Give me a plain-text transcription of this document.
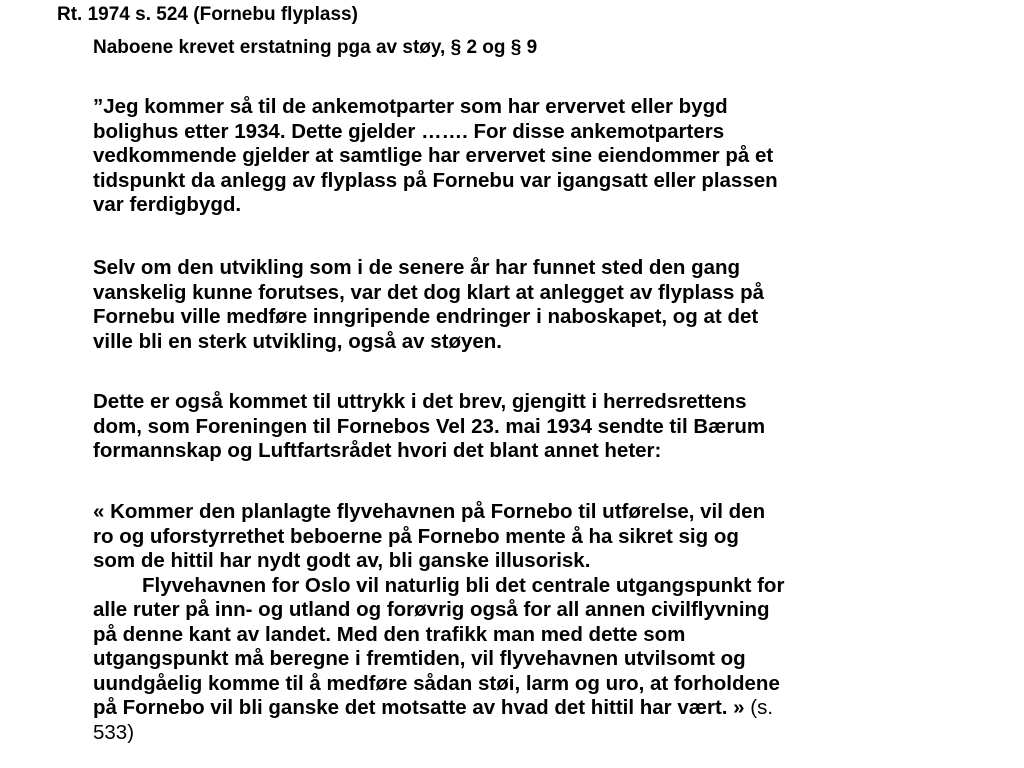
Rt. 1974 s. 524 (Fornebu flyplass)
Naboene krevet erstatning pga av støy, § 2 og § 9
”Jeg kommer så til de ankemotparter som har ervervet eller bygd
bolighus etter 1934. Dette gjelder ……. For disse ankemotparters
vedkommende gjelder at samtlige har ervervet sine eiendommer på et
tidspunkt da anlegg av flyplass på Fornebu var igangsatt eller plassen
var ferdigbygd.
Selv om den utvikling som i de senere år har funnet sted den gang
vanskelig kunne forutses, var det dog klart at anlegget av flyplass på
Fornebu ville medføre inngripende endringer i naboskapet, og at det
ville bli en sterk utvikling, også av støyen.
Dette er også kommet til uttrykk i det brev, gjengitt i herredsrettens
dom, som Foreningen til Fornebos Vel 23. mai 1934 sendte til Bærum
formannskap og Luftfartsrådet hvori det blant annet heter:
« Kommer den planlagte flyvehavnen på Fornebo til utførelse, vil den
ro og uforstyrrethet beboerne på Fornebo mente å ha sikret sig og
som de hittil har nydt godt av, bli ganske illusorisk.
Flyvehavnen for Oslo vil naturlig bli det centrale utgangspunkt for
alle ruter på inn- og utland og forøvrig også for all annen civilflyvning
på denne kant av landet. Med den trafikk man med dette som
utgangspunkt må beregne i fremtiden, vil flyvehavnen utvilsomt og
uundgåelig komme til å medføre sådan støi, larm og uro, at forholdene
på Fornebo vil bli ganske det motsatte av hvad det hittil har vært. » (s.
533)
